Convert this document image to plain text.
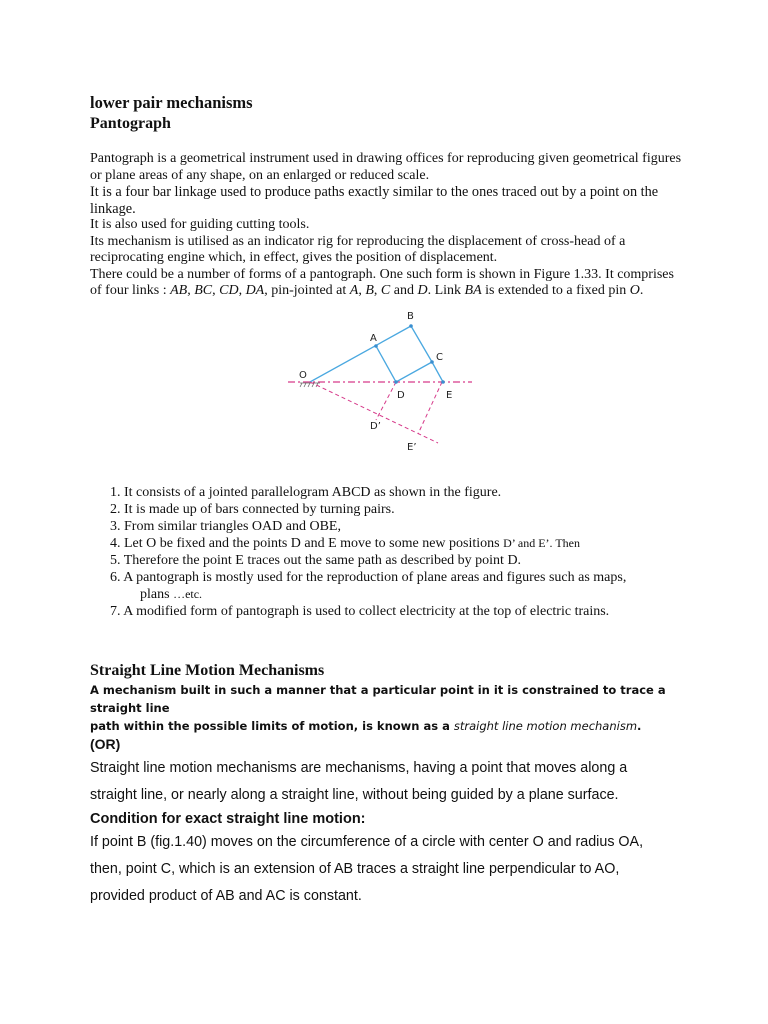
lower pair mechanisms

Pantograph

Pantograph is a geometrical instrument used in drawing offices for reproducing given geometrical figures
or plane areas of any shape, on an enlarged or reduced scale.

It is a four bar linkage used to produce paths exactly similar to the ones traced out by a point on the
linkage.

It is also used for guiding cutting tools.

Its mechanism is utilised as an indicator rig for reproducing the displacement of cross-head of a
reciprocating engine which, in effect, gives the position of displacement.

There could be a number of forms of a pantograph. One such form is shown in Figure 1.33. It comprises
of four links : AB, BC, CD, DA, pin-jointed at A, B, C and D. Link BA is extended to a fixed pin O.

O
A
B
C
D	E
D’
E’
1. It consists of a jointed parallelogram ABCD as shown in the figure.
2. It is made up of bars connected by turning pairs.
3. From similar triangles OAD and OBE,
4. Let O be fixed and the points D and E move to some new positions D’ and E’. Then
5. Therefore the point E traces out the same path as described by point D.
6. A pantograph is mostly used for the reproduction of plane areas and figures such as maps,
plans …etc.
7. A modified form of pantograph is used to collect electricity at the top of electric trains.

Straight Line Motion Mechanisms

A mechanism built in such a manner that a particular point in it is constrained to trace a straight line
path within the possible limits of motion, is known as a straight line motion mechanism.

(OR)

Straight line motion mechanisms are mechanisms, having a point that moves along a
straight line, or nearly along a straight line, without being guided by a plane surface.

Condition for exact straight line motion:

If point B (fig.1.40) moves on the circumference of a circle with center O and radius OA,
then, point C, which is an extension of AB traces a straight line perpendicular to AO,
provided product of AB and AC is constant.
